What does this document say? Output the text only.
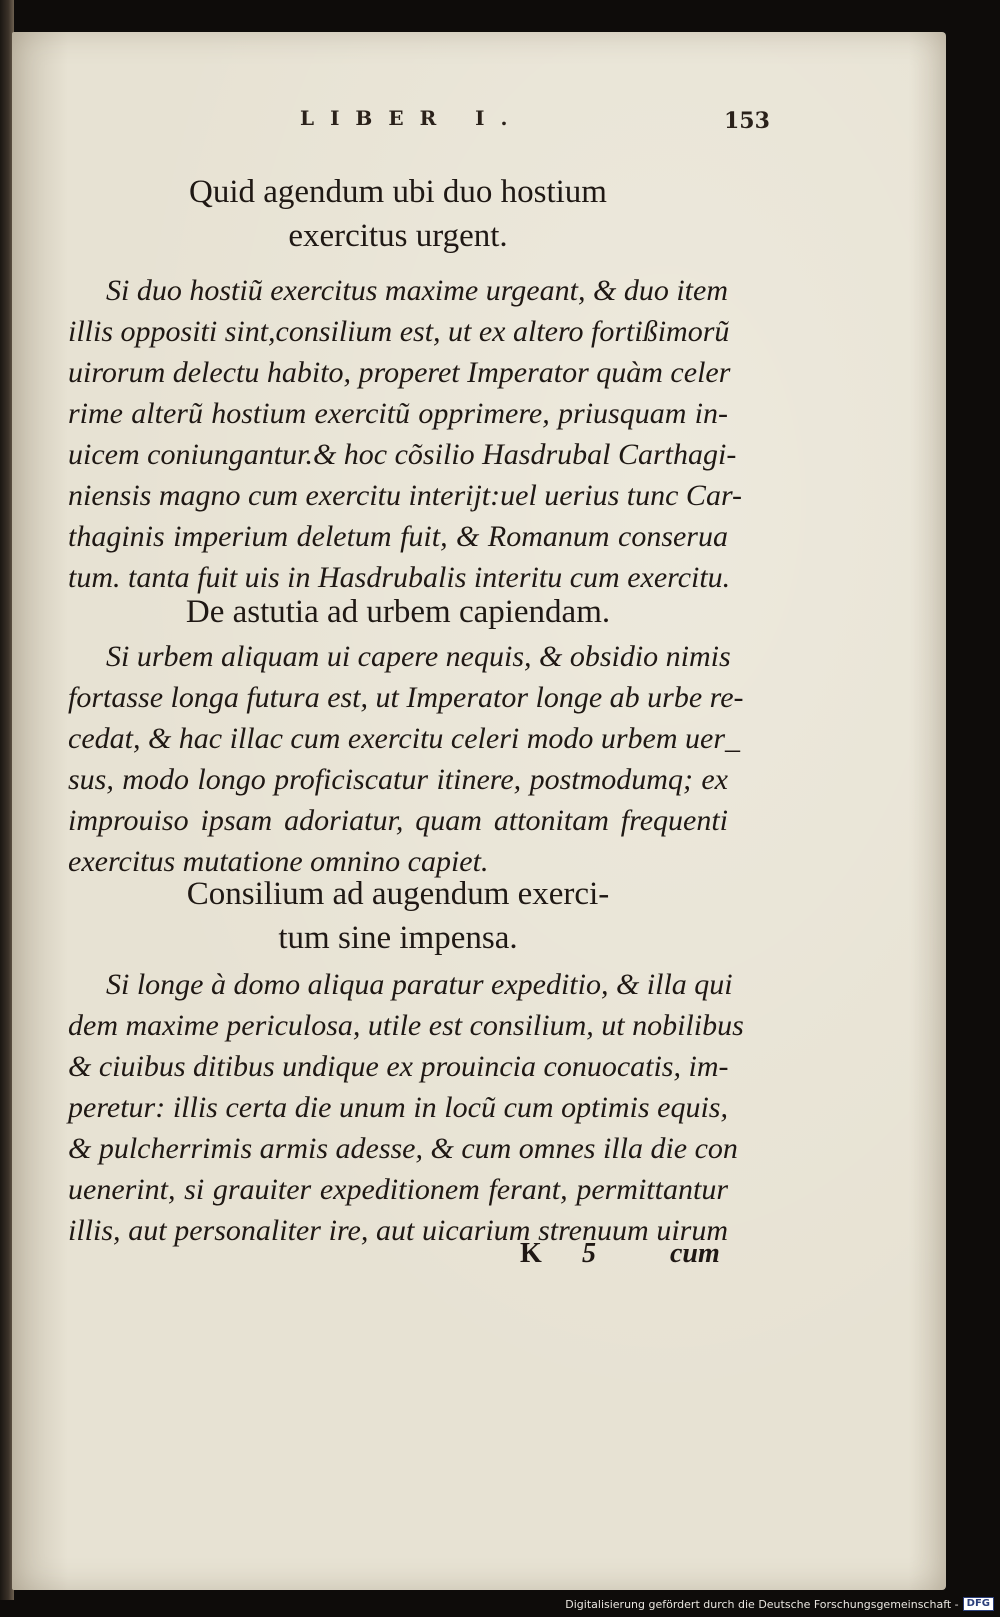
LIBER I.	153
Quid agendum ubi duo hostium
exercitus urgent.
Si duo hostiũ exercitus maxime urgeant, & duo item
illis oppositi sint,consilium est, ut ex altero fortißimorũ
uirorum delectu habito, properet Imperator quàm celer
rime alterũ hostium exercitũ opprimere, priusquam in-
uicem coniungantur.& hoc cõsilio Hasdrubal Carthagi-
niensis magno cum exercitu interijt:uel uerius tunc Car-
thaginis imperium deletum fuit, & Romanum conserua
tum. tanta fuit uis in Hasdrubalis interitu cum exercitu.
De astutia ad urbem capiendam.
Si urbem aliquam ui capere nequis, & obsidio nimis
fortasse longa futura est, ut Imperator longe ab urbe re-
cedat, & hac illac cum exercitu celeri modo urbem uer_
sus, modo longo proficiscatur itinere, postmodumq; ex
improuiso ipsam adoriatur, quam attonitam frequenti
exercitus mutatione omnino capiet.
Consilium ad augendum exerci-
tum sine impensa.
Si longe à domo aliqua paratur expeditio, & illa qui
dem maxime periculosa, utile est consilium, ut nobilibus
& ciuibus ditibus undique ex prouincia conuocatis, im-
peretur: illis certa die unum in locũ cum optimis equis,
& pulcherrimis armis adesse, & cum omnes illa die con
uenerint, si grauiter expeditionem ferant, permittantur
illis, aut personaliter ire, aut uicarium strenuum uirum
K 5	cum
Digitalisierung gefördert durch die Deutsche Forschungsgemeinschaft - DFG
